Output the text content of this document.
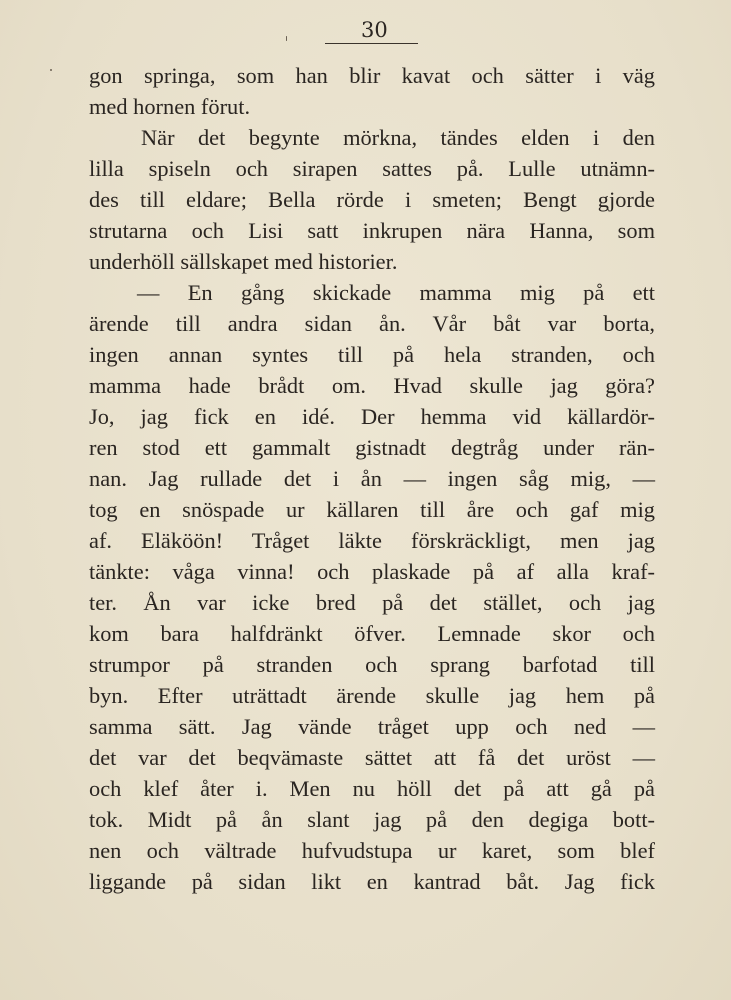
30
gon springa, som han blir kavat och sätter i väg
med hornen förut.
När det begynte mörkna, tändes elden i den
lilla spiseln och sirapen sattes på. Lulle utnämn-
des till eldare; Bella rörde i smeten; Bengt gjorde
strutarna och Lisi satt inkrupen nära Hanna, som
underhöll sällskapet med historier.
— En gång skickade mamma mig på ett
ärende till andra sidan ån. Vår båt var borta,
ingen annan syntes till på hela stranden, och
mamma hade brådt om. Hvad skulle jag göra?
Jo, jag fick en idé. Der hemma vid källardör-
ren stod ett gammalt gistnadt degtråg under rän-
nan. Jag rullade det i ån — ingen såg mig, —
tog en snöspade ur källaren till åre och gaf mig
af. Eläköön! Tråget läkte förskräckligt, men jag
tänkte: våga vinna! och plaskade på af alla kraf-
ter. Ån var icke bred på det stället, och jag
kom bara halfdränkt öfver. Lemnade skor och
strumpor på stranden och sprang barfotad till
byn. Efter uträttadt ärende skulle jag hem på
samma sätt. Jag vände tråget upp och ned —
det var det beqvämaste sättet att få det uröst —
och klef åter i. Men nu höll det på att gå på
tok. Midt på ån slant jag på den degiga bott-
nen och vältrade hufvudstupa ur karet, som blef
liggande på sidan likt en kantrad båt. Jag fick
